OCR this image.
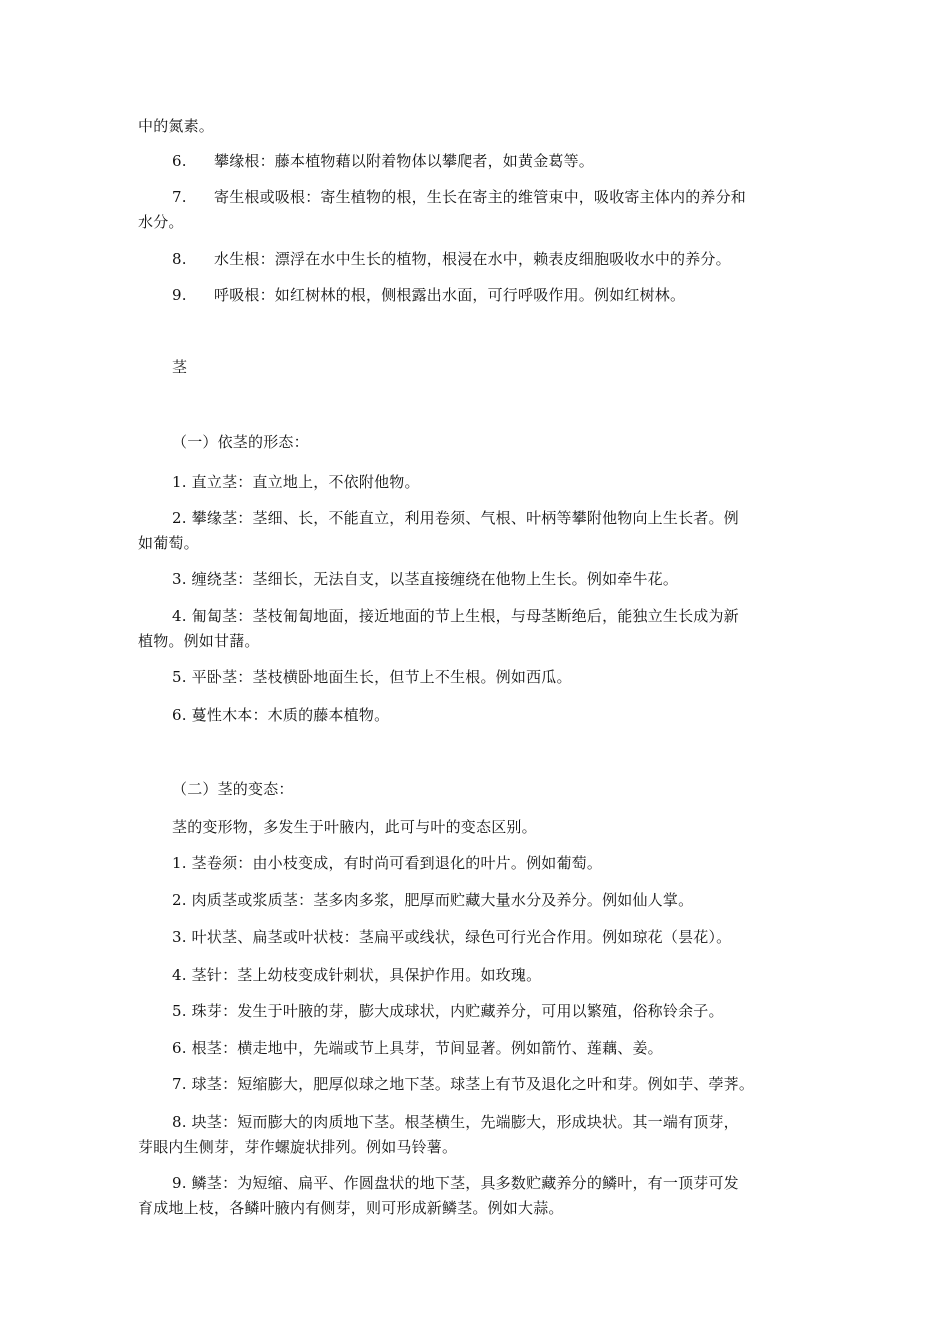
中的氮素。
6. 攀缘根：藤本植物藉以附着物体以攀爬者，如黄金葛等。
7. 寄生根或吸根：寄生植物的根，生长在寄主的维管束中，吸收寄主体内的养分和
水分。
8. 水生根：漂浮在水中生长的植物，根浸在水中，赖表皮细胞吸收水中的养分。
9. 呼吸根：如红树林的根，侧根露出水面，可行呼吸作用。例如红树林。
茎
（一）依茎的形态：
1. 直立茎：直立地上，不依附他物。
2. 攀缘茎：茎细、长，不能直立，利用卷须、气根、叶柄等攀附他物向上生长者。例
如葡萄。
3. 缠绕茎：茎细长，无法自支，以茎直接缠绕在他物上生长。例如牵牛花。
4. 匍匐茎：茎枝匍匐地面，接近地面的节上生根，与母茎断绝后，能独立生长成为新
植物。例如甘藷。
5. 平卧茎：茎枝横卧地面生长，但节上不生根。例如西瓜。
6. 蔓性木本：木质的藤本植物。
（二）茎的变态：
茎的变形物，多发生于叶腋内，此可与叶的变态区别。
1. 茎卷须：由小枝变成，有时尚可看到退化的叶片。例如葡萄。
2. 肉质茎或浆质茎：茎多肉多浆，肥厚而贮藏大量水分及养分。例如仙人掌。
3. 叶状茎、扁茎或叶状枝：茎扁平或线状，绿色可行光合作用。例如琼花（昙花）。
4. 茎针：茎上幼枝变成针刺状，具保护作用。如玫瑰。
5. 珠芽：发生于叶腋的芽，膨大成球状，内贮藏养分，可用以繁殖，俗称铃余子。
6. 根茎：横走地中，先端或节上具芽，节间显著。例如箭竹、莲藕、姜。
7. 球茎：短缩膨大，肥厚似球之地下茎。球茎上有节及退化之叶和芽。例如芋、荸荠。
8. 块茎：短而膨大的肉质地下茎。根茎横生，先端膨大，形成块状。其一端有顶芽，
芽眼内生侧芽，芽作螺旋状排列。例如马铃薯。
9. 鳞茎：为短缩、扁平、作圆盘状的地下茎，具多数贮藏养分的鳞叶，有一顶芽可发
育成地上枝，各鳞叶腋内有侧芽，则可形成新鳞茎。例如大蒜。
